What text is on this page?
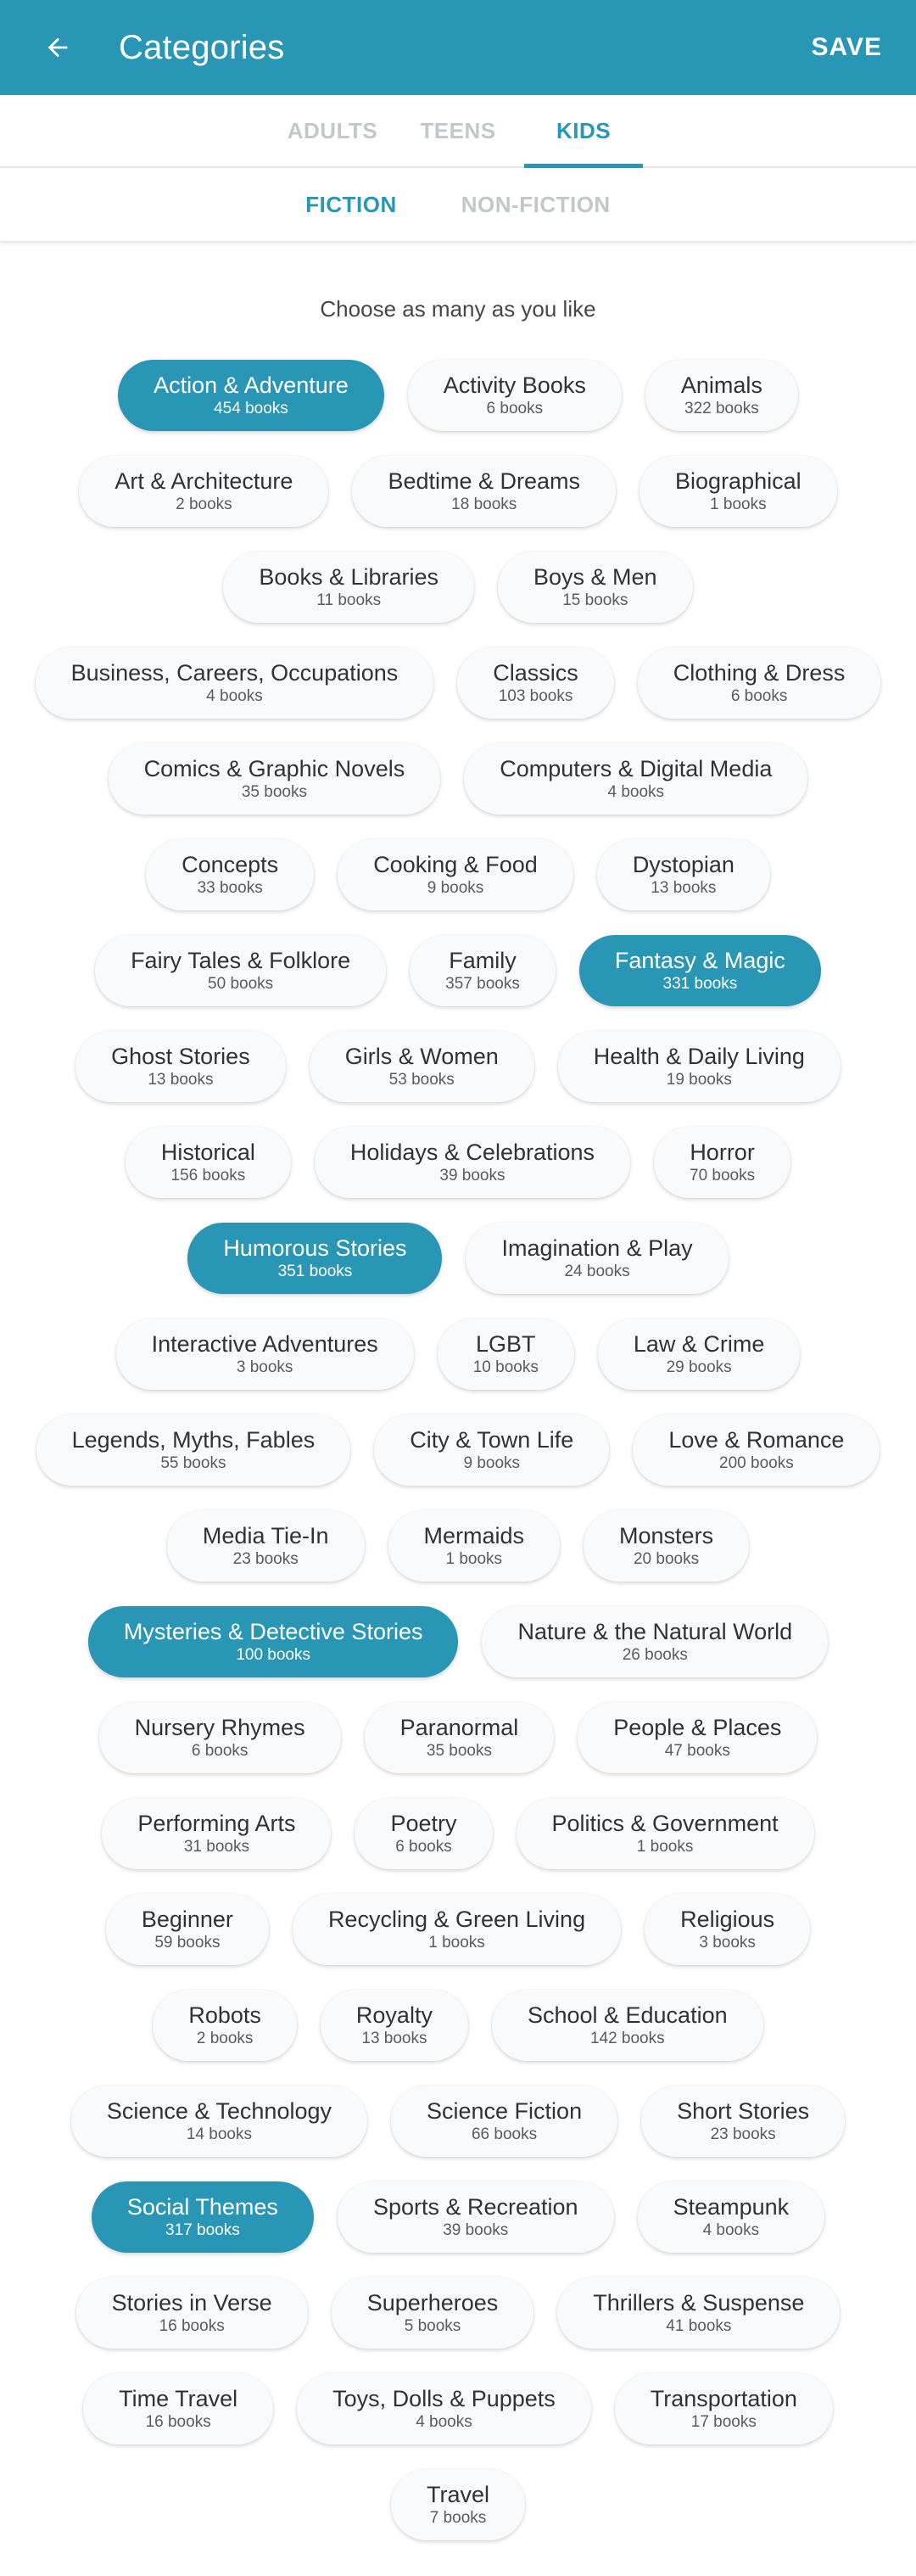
Categories	SAVE
ADULTS	TEENS	KIDS
FICTION	NON-FICTION
Choose as many as you like
Action & Adventure
454 books
Activity Books
6 books
Animals
322 books
Art & Architecture
2 books
Bedtime & Dreams
18 books
Biographical
1 books
Books & Libraries
11 books
Boys & Men
15 books
Business, Careers, Occupations
4 books
Classics
103 books
Clothing & Dress
6 books
Comics & Graphic Novels
35 books
Computers & Digital Media
4 books
Concepts
33 books
Cooking & Food
9 books
Dystopian
13 books
Fairy Tales & Folklore
50 books
Family
357 books
Fantasy & Magic
331 books
Ghost Stories
13 books
Girls & Women
53 books
Health & Daily Living
19 books
Historical
156 books
Holidays & Celebrations
39 books
Horror
70 books
Humorous Stories
351 books
Imagination & Play
24 books
Interactive Adventures
3 books
LGBT
10 books
Law & Crime
29 books
Legends, Myths, Fables
55 books
City & Town Life
9 books
Love & Romance
200 books
Media Tie-In
23 books
Mermaids
1 books
Monsters
20 books
Mysteries & Detective Stories
100 books
Nature & the Natural World
26 books
Nursery Rhymes
6 books
Paranormal
35 books
People & Places
47 books
Performing Arts
31 books
Poetry
6 books
Politics & Government
1 books
Beginner
59 books
Recycling & Green Living
1 books
Religious
3 books
Robots
2 books
Royalty
13 books
School & Education
142 books
Science & Technology
14 books
Science Fiction
66 books
Short Stories
23 books
Social Themes
317 books
Sports & Recreation
39 books
Steampunk
4 books
Stories in Verse
16 books
Superheroes
5 books
Thrillers & Suspense
41 books
Time Travel
16 books
Toys, Dolls & Puppets
4 books
Transportation
17 books
Travel
7 books
